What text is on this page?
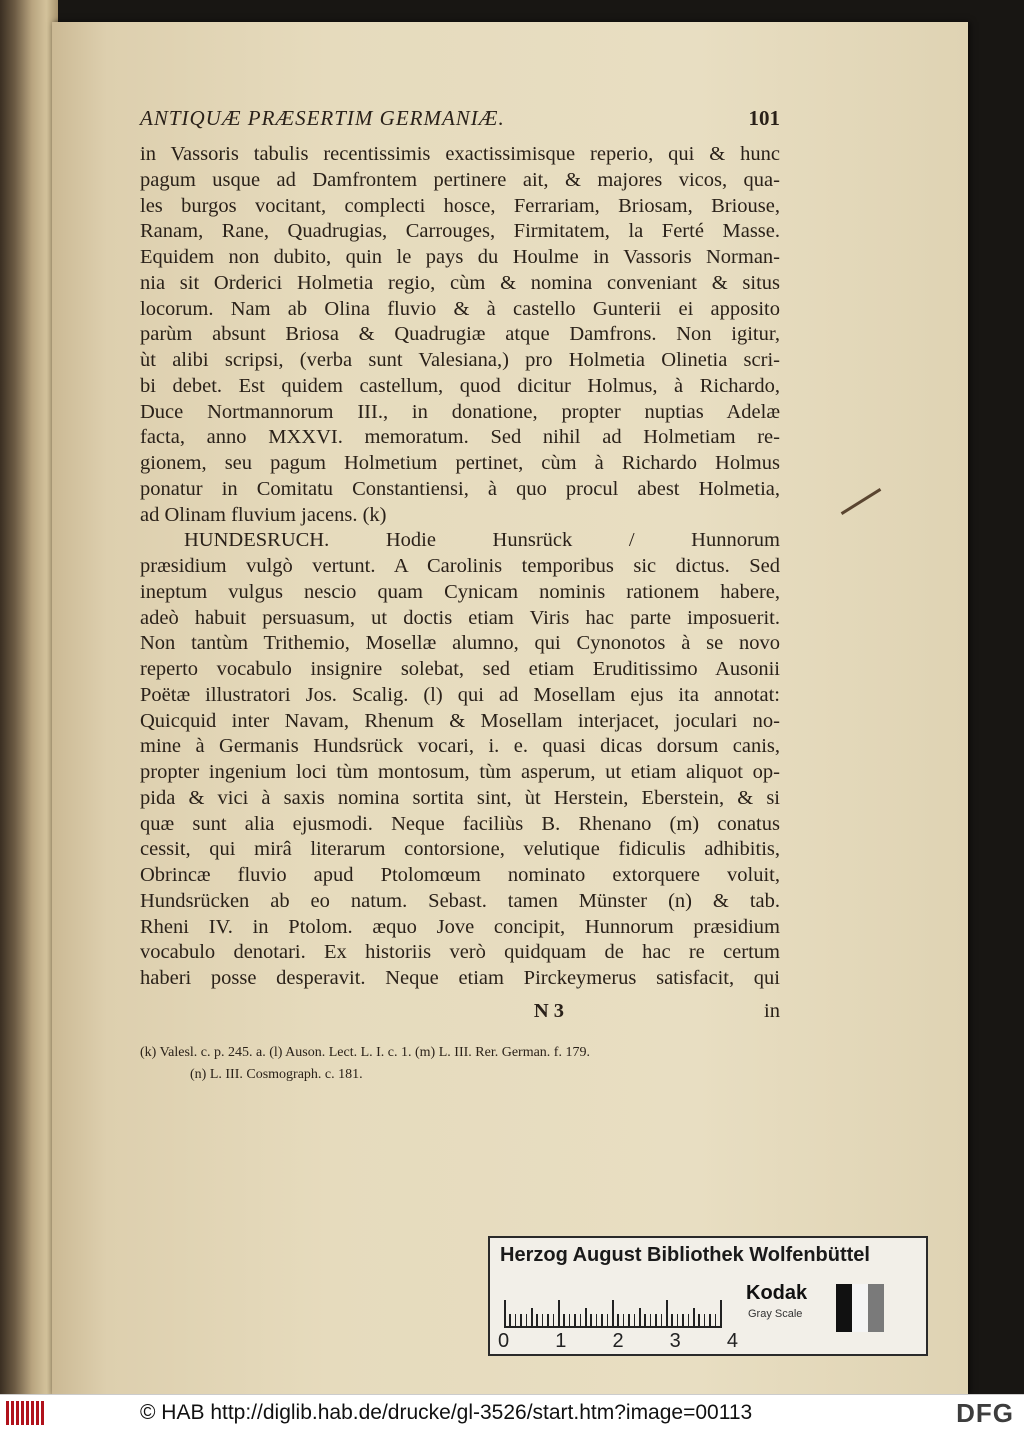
ANTIQUÆ PRÆSERTIM GERMANIÆ.	101
in Vassoris tabulis recentissimis exactissimisque reperio, qui & hunc
pagum usque ad Damfrontem pertinere ait, & majores vicos, qua-
les burgos vocitant, complecti hosce, Ferrariam, Briosam, Briouse,
Ranam, Rane, Quadrugias, Carrouges, Firmitatem, la Ferté Masse.
Equidem non dubito, quin le pays du Houlme in Vassoris Norman-
nia sit Orderici Holmetia regio, cùm & nomina conveniant & situs
locorum. Nam ab Olina fluvio & à castello Gunterii ei apposito
parùm absunt Briosa & Quadrugiæ atque Damfrons. Non igitur,
ùt alibi scripsi, (verba sunt Valesiana,) pro Holmetia Olinetia scri-
bi debet. Est quidem castellum, quod dicitur Holmus, à Richardo,
Duce Nortmannorum III., in donatione, propter nuptias Adelæ
facta, anno MXXVI. memoratum. Sed nihil ad Holmetiam re-
gionem, seu pagum Holmetium pertinet, cùm à Richardo Holmus
ponatur in Comitatu Constantiensi, à quo procul abest Holmetia,
ad Olinam fluvium jacens. (k)
HUNDESRUCH. Hodie Hunsrück / Hunnorum
præsidium vulgò vertunt. A Carolinis temporibus sic dictus. Sed
ineptum vulgus nescio quam Cynicam nominis rationem habere,
adeò habuit persuasum, ut doctis etiam Viris hac parte imposuerit.
Non tantùm Trithemio, Mosellæ alumno, qui Cynonotos à se novo
reperto vocabulo insignire solebat, sed etiam Eruditissimo Ausonii
Poëtæ illustratori Jos. Scalig. (l) qui ad Mosellam ejus ita annotat:
Quicquid inter Navam, Rhenum & Mosellam interjacet, joculari no-
mine à Germanis Hundsrück vocari, i. e. quasi dicas dorsum canis,
propter ingenium loci tùm montosum, tùm asperum, ut etiam aliquot op-
pida & vici à saxis nomina sortita sint, ùt Herstein, Eberstein, & si
quæ sunt alia ejusmodi. Neque faciliùs B. Rhenano (m) conatus
cessit, qui mirâ literarum contorsione, velutique fidiculis adhibitis,
Obrincæ fluvio apud Ptolomœum nominato extorquere voluit,
Hundsrücken ab eo natum. Sebast. tamen Münster (n) & tab.
Rheni IV. in Ptolom. æquo Jove concipit, Hunnorum præsidium
vocabulo denotari. Ex historiis verò quidquam de hac re certum
haberi posse desperavit. Neque etiam Pirckeymerus satisfacit, qui
N 3	in
(k) Valesl. c. p. 245. a. (l) Auson. Lect. L. I. c. 1. (m) L. III. Rer. German. f. 179.
(n) L. III. Cosmograph. c. 181.
Herzog August Bibliothek Wolfenbüttel
0 1 2 3 4
Kodak
Gray Scale
© HAB http://diglib.hab.de/drucke/gl-3526/start.htm?image=00113	DFG
